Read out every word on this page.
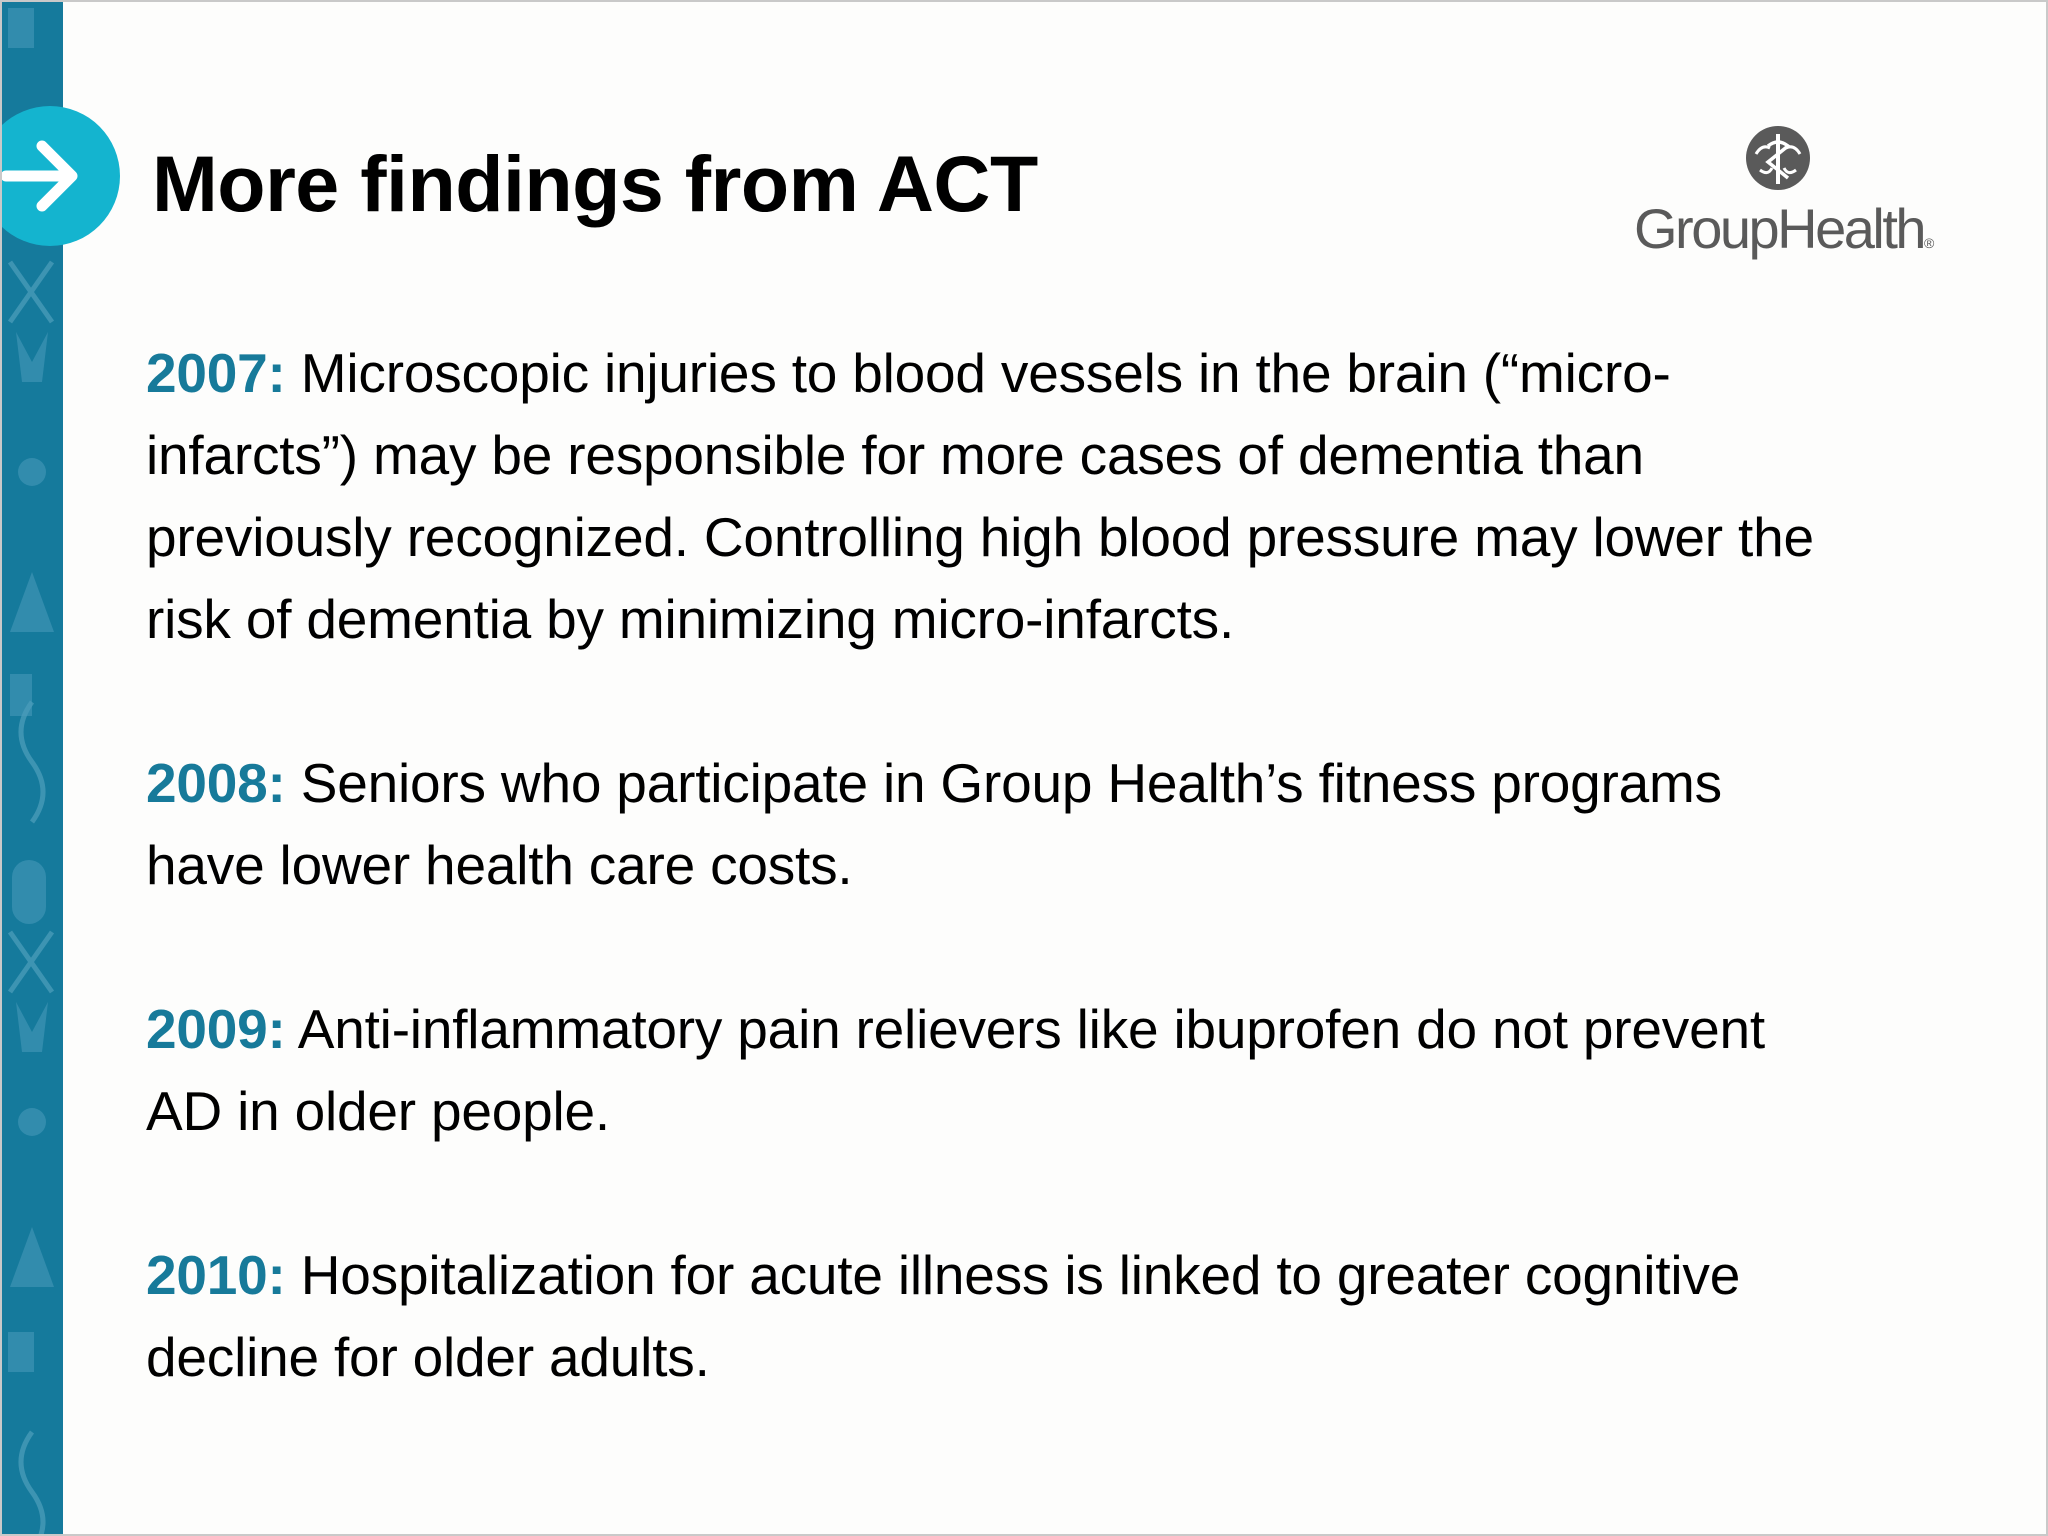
More findings from ACT
GroupHealth®

2007: Microscopic injuries to blood vessels in the brain (“micro-infarcts”) may be responsible for more cases of dementia than previously recognized. Controlling high blood pressure may lower the risk of dementia by minimizing micro-infarcts.

2008: Seniors who participate in Group Health’s fitness programs have lower health care costs.

2009: Anti-inflammatory pain relievers like ibuprofen do not prevent AD in older people.

2010: Hospitalization for acute illness is linked to greater cognitive decline for older adults.
